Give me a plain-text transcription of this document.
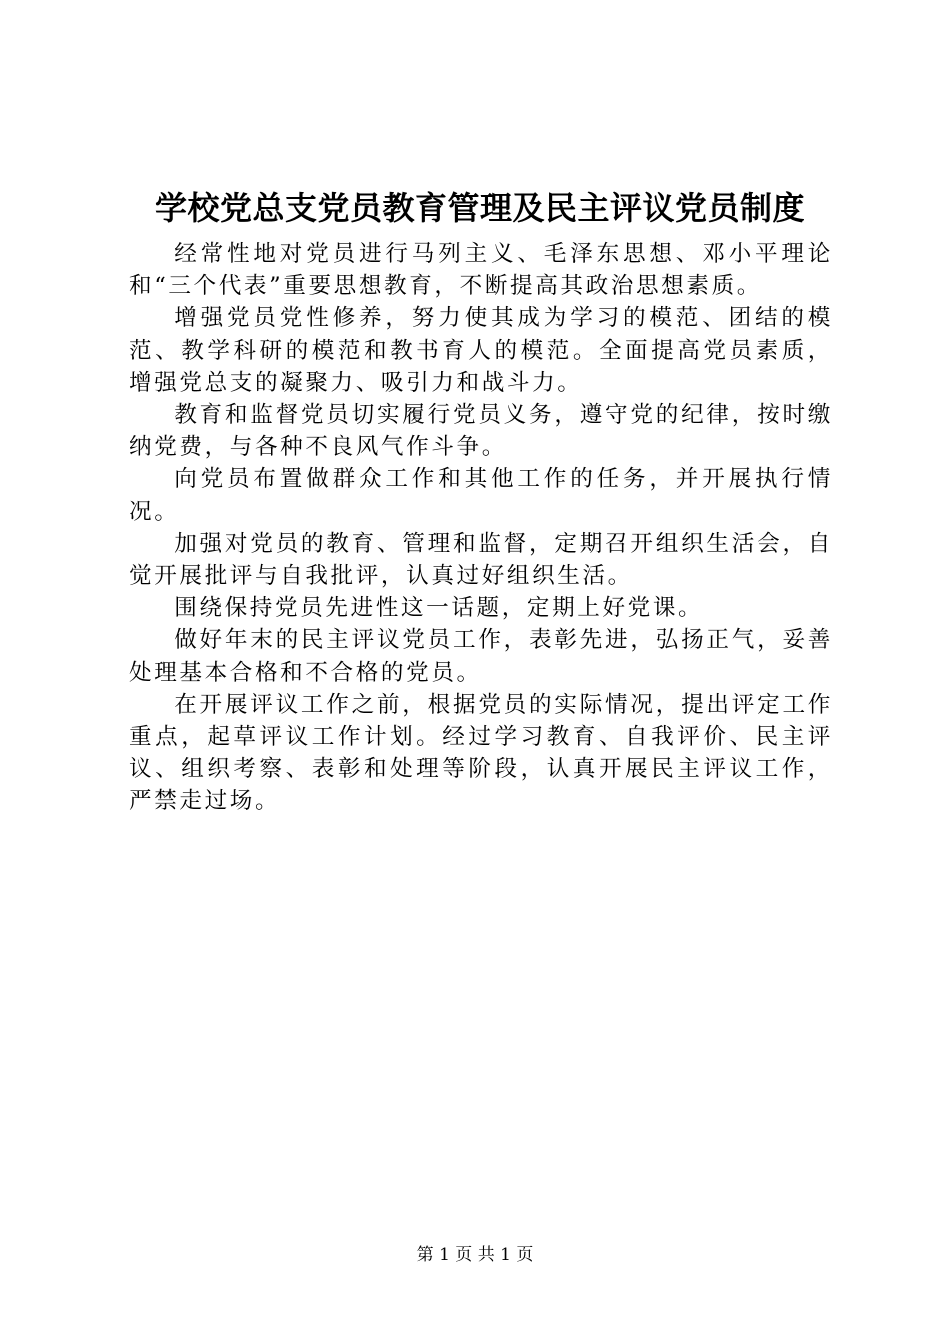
学校党总支党员教育管理及民主评议党员制度

经常性地对党员进行马列主义、毛泽东思想、邓小平理论和“三个代表”重要思想教育，不断提高其政治思想素质。

增强党员党性修养，努力使其成为学习的模范、团结的模范、教学科研的模范和教书育人的模范。全面提高党员素质，增强党总支的凝聚力、吸引力和战斗力。

教育和监督党员切实履行党员义务，遵守党的纪律，按时缴纳党费，与各种不良风气作斗争。

向党员布置做群众工作和其他工作的任务，并开展执行情况。

加强对党员的教育、管理和监督，定期召开组织生活会，自觉开展批评与自我批评，认真过好组织生活。

围绕保持党员先进性这一话题，定期上好党课。

做好年末的民主评议党员工作，表彰先进，弘扬正气，妥善处理基本合格和不合格的党员。

在开展评议工作之前，根据党员的实际情况，提出评定工作重点，起草评议工作计划。经过学习教育、自我评价、民主评议、组织考察、表彰和处理等阶段，认真开展民主评议工作，严禁走过场。

第 1 页 共 1 页
